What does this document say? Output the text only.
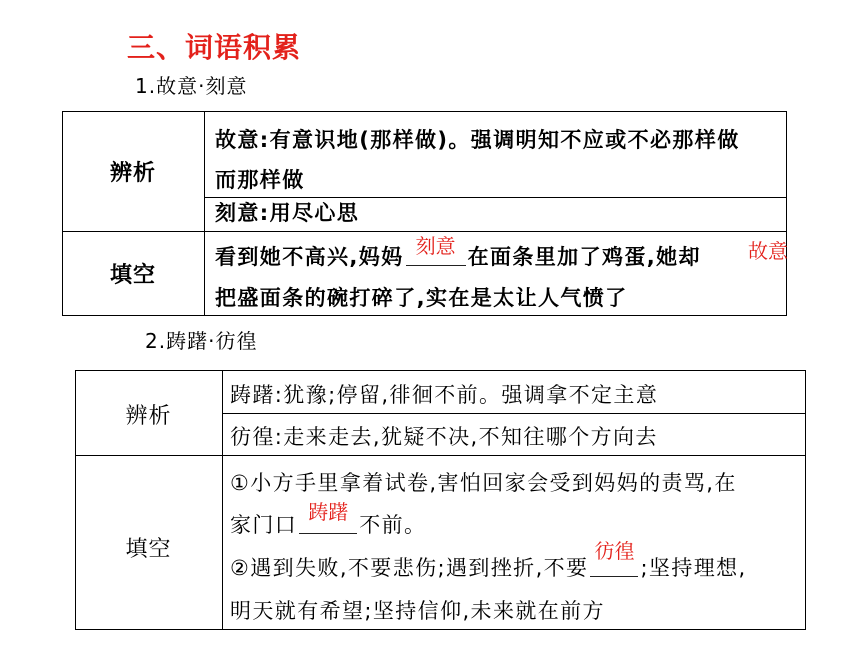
三、词语积累
1.故意·刻意
辨析
填空
故意:有意识地(那样做)。强调明知不应或不必那样做
而那样做
刻意:用尽心思
看到她不高兴,妈妈 刻意 在面条里加了鸡蛋,她却
把盛面条的碗打碎了,实在是太让人气愤了
故意
2.踌躇·彷徨
辨析
填空
踌躇:犹豫;停留,徘徊不前。强调拿不定主意
彷徨:走来走去,犹疑不决,不知往哪个方向去
①小方手里拿着试卷,害怕回家会受到妈妈的责骂,在
家门口
踌躇
不前。
②遇到失败,不要悲伤;遇到挫折,不要
彷徨
;坚持理想,
明天就有希望;坚持信仰,未来就在前方
